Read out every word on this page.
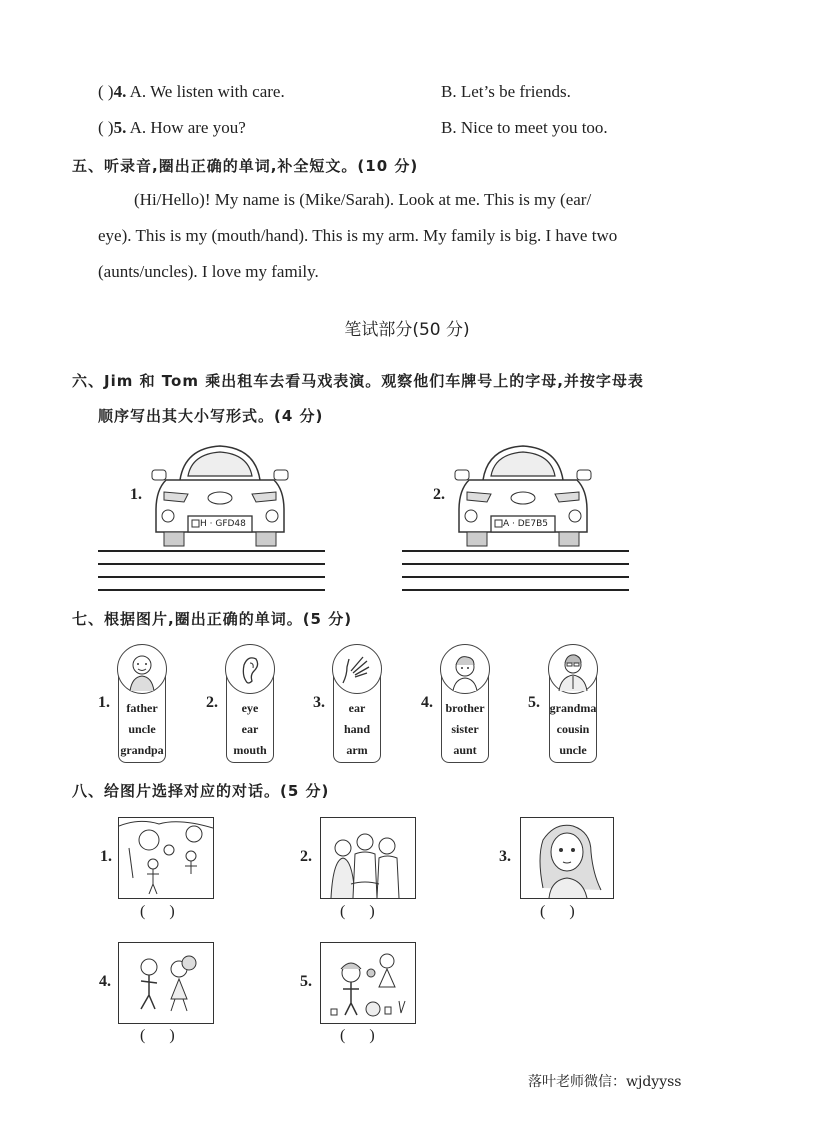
( )4. A. We listen with care.	B. Let’s be friends.
( )5. A. How are you?	B. Nice to meet you too.
五、听录音,圈出正确的单词,补全短文。(10 分)
(Hi/Hello)! My name is (Mike/Sarah). Look at me. This is my (ear/
eye). This is my (mouth/hand). This is my arm. My family is big. I have two
(aunts/uncles). I love my family.
笔试部分(50 分)
六、Jim 和 Tom 乘出租车去看马戏表演。观察他们车牌号上的字母,并按字母表
顺序写出其大小写形式。(4 分)
1.
H · GFD48
2.
A · DE7B5
七、根据图片,圈出正确的单词。(5 分)
1.	father
uncle
grandpa
2.	eye
ear
mouth
3.	ear
hand
arm
4.	brother
sister
aunt
5. grandma
cousin
uncle
八、给图片选择对应的对话。(5 分)
1.
(      )
2.
(      )
3.
(      )
4.
(      )
5.
(      )
落叶老师微信：wjdyyss
